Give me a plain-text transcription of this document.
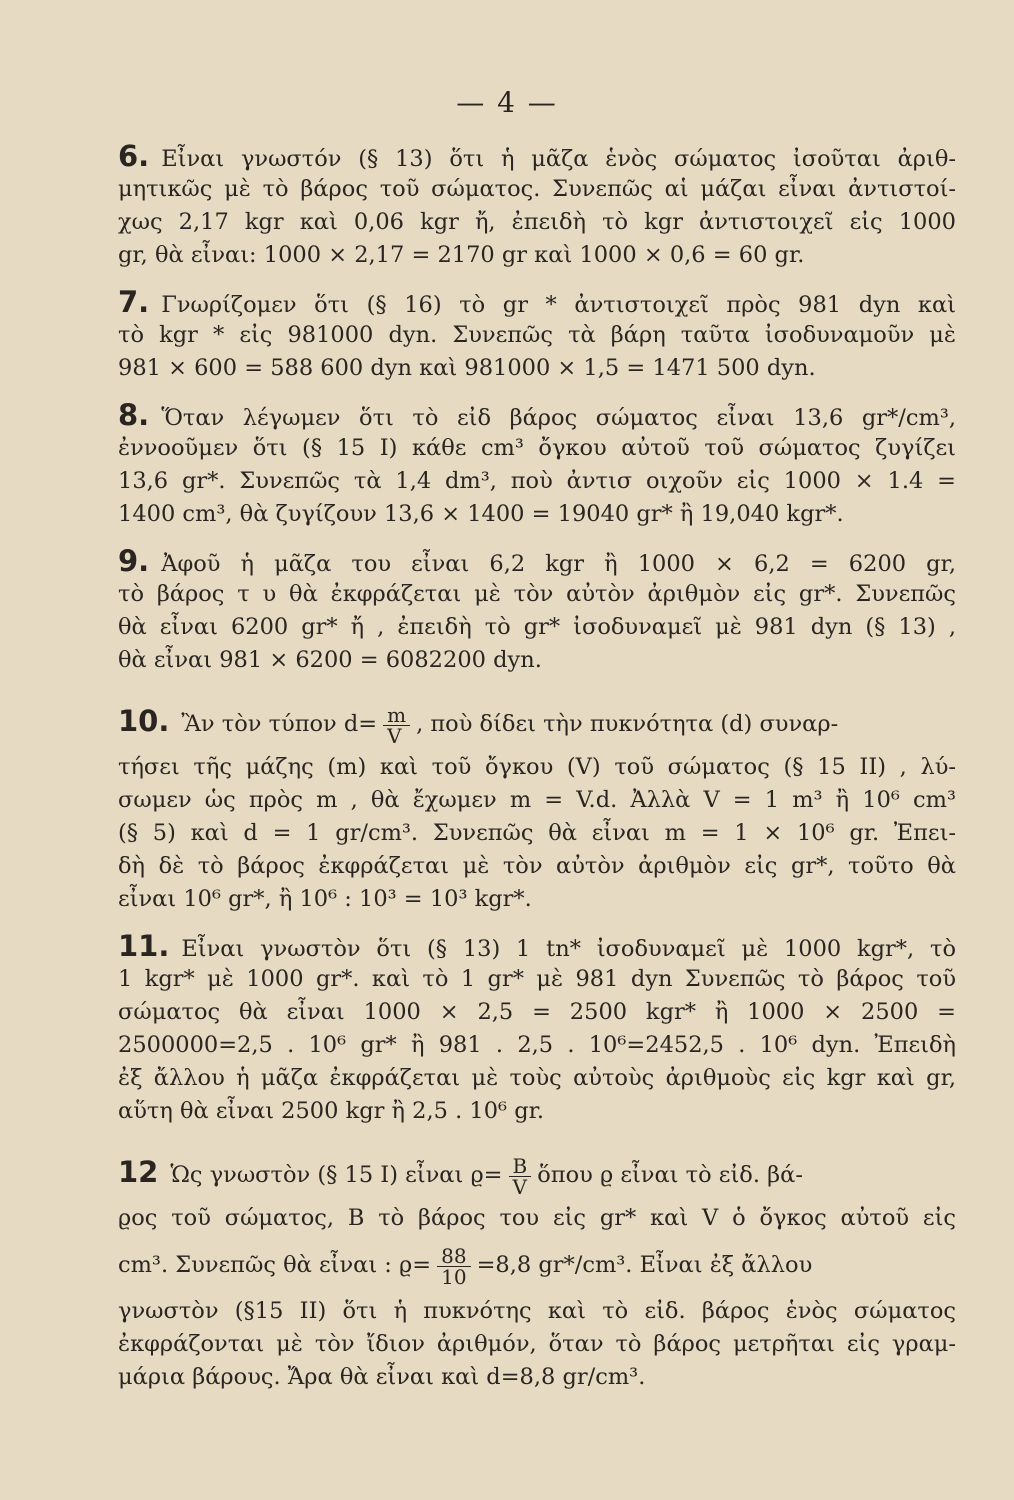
— 4 —
6. Εἶναι γνωστόν (§ 13) ὅτι ἡ μᾶζα ἑνὸς σώματος ἰσοῦται ἀριθ-
μητικῶς μὲ τὸ βάρος τοῦ σώματος. Συνεπῶς αἱ μάζαι εἶναι ἀντιστοί-
χως 2,17 kgr καὶ 0,06 kgr ἤ, ἐπειδὴ τὸ kgr ἀντιστοιχεῖ εἰς 1000
gr, θὰ εἶναι: 1000 × 2,17 = 2170 gr καὶ 1000 × 0,6 = 60 gr.
7. Γνωρίζομεν ὅτι (§ 16) τὸ gr * ἀντιστοιχεῖ πρὸς 981 dyn καὶ
τὸ kgr * εἰς 981000 dyn. Συνεπῶς τὰ βάρη ταῦτα ἰσοδυναμοῦν μὲ
981 × 600 = 588 600 dyn καὶ 981000 × 1,5 = 1471 500 dyn.
8. Ὅταν λέγωμεν ὅτι τὸ εἰδ βάρος σώματος εἶναι 13,6 gr*/cm³,
ἐννοοῦμεν ὅτι (§ 15 I) κάθε cm³ ὄγκου αὐτοῦ τοῦ σώματος ζυγίζει
13,6 gr*. Συνεπῶς τὰ 1,4 dm³, ποὺ ἀντισ οιχοῦν εἰς 1000 × 1.4 =
1400 cm³, θὰ ζυγίζουν 13,6 × 1400 = 19040 gr* ἢ 19,040 kgr*.
9. Ἀφοῦ ἡ μᾶζα του εἶναι 6,2 kgr ἢ 1000 × 6,2 = 6200 gr,
τὸ βάρος τ υ θὰ ἐκφράζεται μὲ τὸν αὐτὸν ἀριθμὸν εἰς gr*. Συνεπῶς
θὰ εἶναι 6200 gr* ἤ , ἐπειδὴ τὸ gr* ἰσοδυναμεῖ μὲ 981 dyn (§ 13) ,
θὰ εἶναι 981 × 6200 = 6082200 dyn.
10. Ἂν τὸν τύπον $d= \frac{m}{V}$ , ποὺ δίδει τὴν πυκνότητα (d) συναρ-
τήσει τῆς μάζης (m) καὶ τοῦ ὄγκου (V) τοῦ σώματος (§ 15 II) , λύ-
σωμεν ὡς πρὸς m , θὰ ἔχωμεν m = V.d. Ἀλλὰ V = 1 m³ ἢ 10⁶ cm³
(§ 5) καὶ d = 1 gr/cm³. Συνεπῶς θὰ εἶναι m = 1 × 10⁶ gr. Ἐπει-
δὴ δὲ τὸ βάρος ἐκφράζεται μὲ τὸν αὐτὸν ἀριθμὸν εἰς gr*, τοῦτο θὰ
εἶναι 10⁶ gr*, ἢ 10⁶ : 10³ = 10³ kgr*.
11. Εἶναι γνωστὸν ὅτι (§ 13) 1 tn* ἰσοδυναμεῖ μὲ 1000 kgr*, τὸ
1 kgr* μὲ 1000 gr*. καὶ τὸ 1 gr* μὲ 981 dyn Συνεπῶς τὸ βάρος τοῦ
σώματος θὰ εἶναι 1000 × 2,5 = 2500 kgr* ἢ 1000 × 2500 =
2500000=2,5 . 10⁶ gr* ἢ 981 . 2,5 . 10⁶=2452,5 . 10⁶ dyn. Ἐπειδὴ
ἐξ ἄλλου ἡ μᾶζα ἐκφράζεται μὲ τοὺς αὐτοὺς ἀριθμοὺς εἰς kgr καὶ gr,
αὕτη θὰ εἶναι 2500 kgr ἢ 2,5 . 10⁶ gr.
12 Ὡς γνωστὸν (§ 15 I) εἶναι $ϱ= \frac{B}{V}$ ὅπου ϱ εἶναι τὸ εἰδ. βά-
ϱος τοῦ σώματος, B τὸ βάρος του εἰς gr* καὶ V ὁ ὄγκος αὐτοῦ εἰς
cm³. Συνεπῶς θὰ εἶναι : $ϱ= \frac{88}{10} =8,8$ gr*/cm³. Εἶναι ἐξ ἄλλου
γνωστὸν (§15 II) ὅτι ἡ πυκνότης καὶ τὸ εἰδ. βάρος ἑνὸς σώματος
ἐκφράζονται μὲ τὸν ἴδιον ἀριθμόν, ὅταν τὸ βάρος μετρῆται εἰς γραμ-
μάρια βάρους. Ἄρα θὰ εἶναι καὶ d=8,8 gr/cm³.
